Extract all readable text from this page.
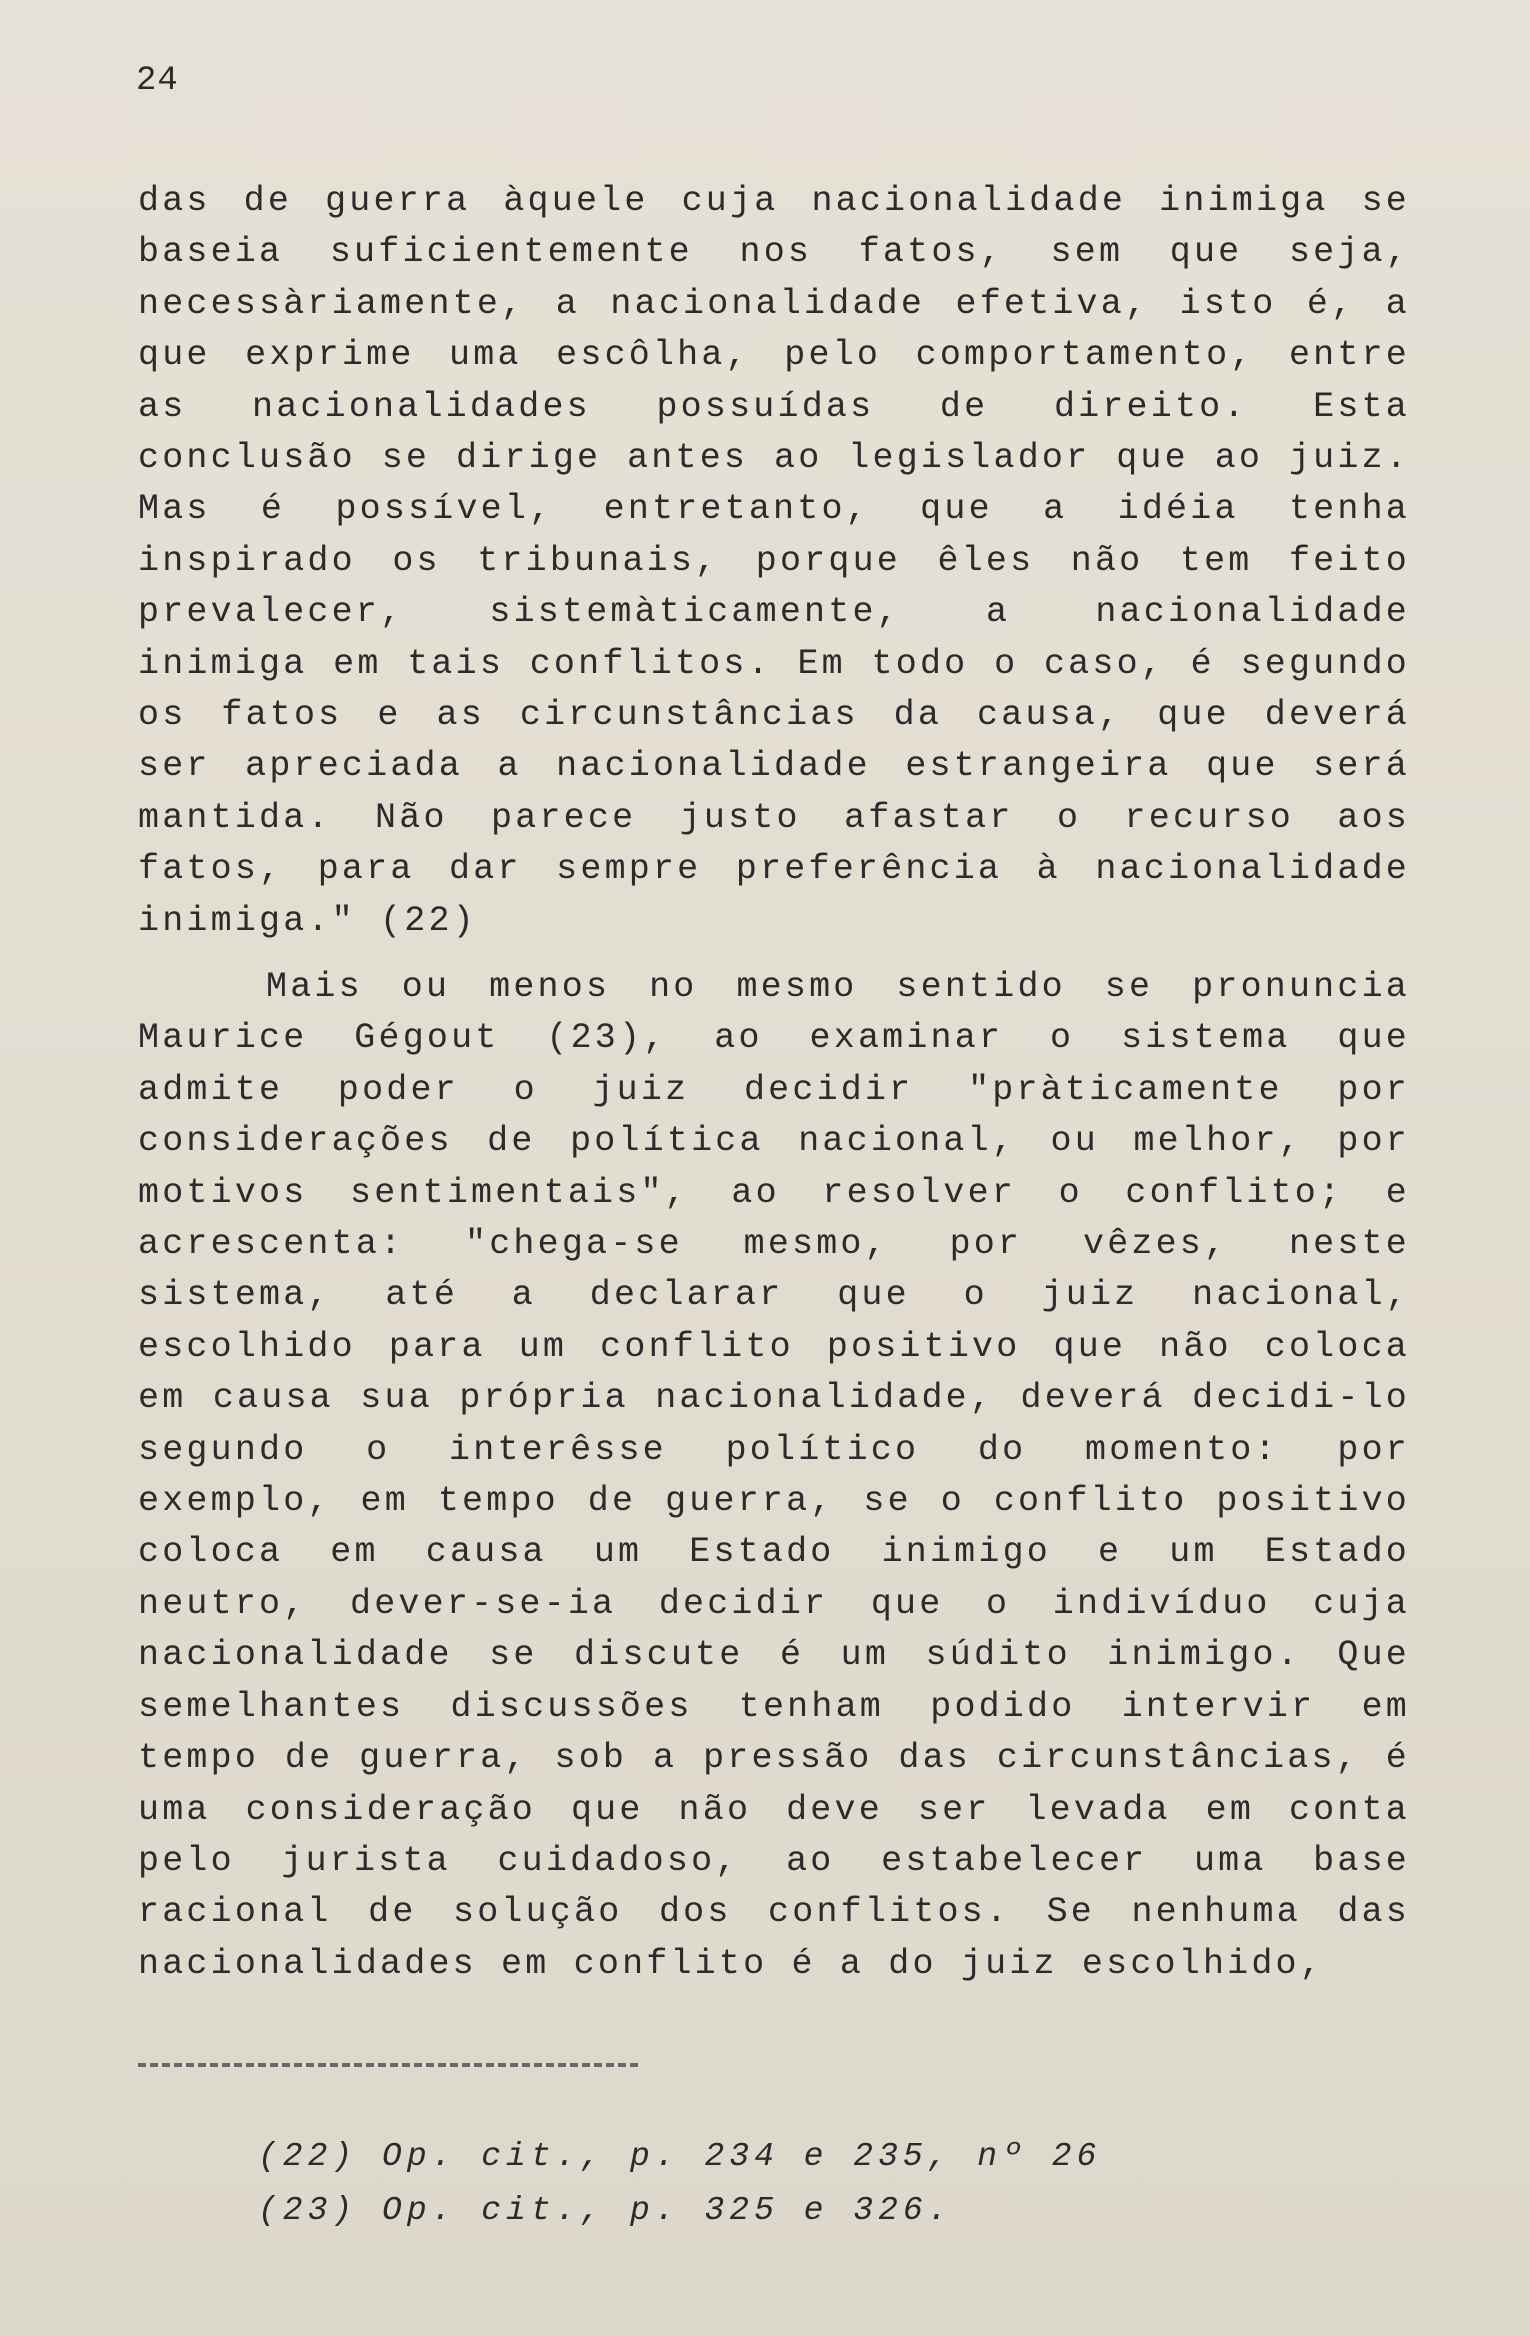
24

das de guerra àquele cuja nacionalidade inimiga se baseia suficientemente nos fatos, sem que seja, necessàriamente, a nacionalidade efetiva, isto é, a que exprime uma escôlha, pelo comportamento, entre as nacionalidades possuídas de direito. Esta conclusão se dirige antes ao legislador que ao juiz. Mas é possível, entretanto, que a idéia tenha inspirado os tribunais, porque êles não tem feito prevalecer, sistemàticamente, a nacionalidade inimiga em tais conflitos. Em todo o caso, é segundo os fatos e as circunstâncias da causa, que deverá ser apreciada a nacionalidade estrangeira que será mantida. Não parece justo afastar o recurso aos fatos, para dar sempre preferência à nacionalidade inimiga." (22)

Mais ou menos no mesmo sentido se pronuncia Maurice Gégout (23), ao examinar o sistema que admite poder o juiz decidir "pràticamente por considerações de política nacional, ou melhor, por motivos sentimentais", ao resolver o conflito; e acrescenta: "chega-se mesmo, por vêzes, neste sistema, até a declarar que o juiz nacional, escolhido para um conflito positivo que não coloca em causa sua própria nacionalidade, deverá decidi-lo segundo o interêsse político do momento: por exemplo, em tempo de guerra, se o conflito positivo coloca em causa um Estado inimigo e um Estado neutro, dever-se-ia decidir que o indivíduo cuja nacionalidade se discute é um súdito inimigo. Que semelhantes discussões tenham podido intervir em tempo de guerra, sob a pressão das circunstâncias, é uma consideração que não deve ser levada em conta pelo jurista cuidadoso, ao estabelecer uma base racional de solução dos conflitos. Se nenhuma das nacionalidades em conflito é a do juiz escolhido,

(22) Op. cit., p. 234 e 235, nº 26
(23) Op. cit., p. 325 e 326.
